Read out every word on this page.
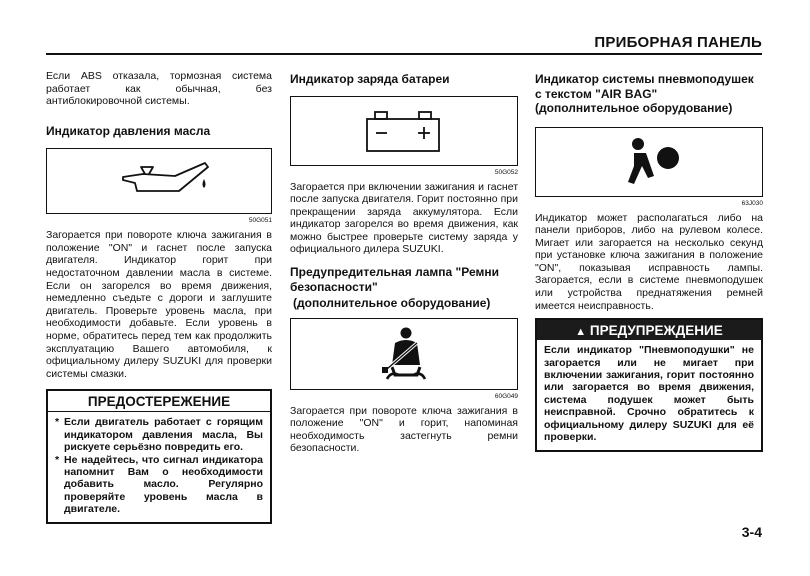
ПРИБОРНАЯ ПАНЕЛЬ

Если ABS отказала, тормозная система работает как обычная, без антиблокировочной системы.

Индикатор давления масла
50G051

Загорается при повороте ключа зажигания в положение "ON" и гаснет после запуска двигателя. Индикатор горит при недостаточном давлении масла в системе. Если он загорелся во время движения, немедленно съедьте с дороги и заглушите двигатель. Проверьте уровень масла, при необходимости добавьте. Если уровень в норме, обратитесь перед тем как продолжить эксплуатацию Вашего автомобиля, к официальному дилеру SUZUKI для проверки системы смазки.

ПРЕДОСТЕРЕЖЕНИЕ
* Если двигатель работает с горящим индикатором давления масла, Вы рискуете серьёзно повредить его.
* Не надейтесь, что сигнал индикатора напомнит Вам о необходимости добавить масло. Регулярно проверяйте уровень масла в двигателе.
Индикатор заряда батареи
50G052

Загорается при включении зажигания и гаснет после запуска двигателя. Горит постоянно при прекращении заряда аккумулятора. Если индикатор загорелся во время движения, как можно быстрее проверьте систему заряда у официального дилера SUZUKI.

Предупредительная лампа "Ремни безопасности"
(дополнительное оборудование)
60G049

Загорается при повороте ключа зажигания в положение "ON" и горит, напоминая необходимость застегнуть ремни безопасности.

Индикатор системы пневмоподушек с текстом "AIR BAG"
(дополнительное оборудование)
63J030

Индикатор может располагаться либо на панели приборов, либо на рулевом колесе. Мигает или загорается на несколько секунд при установке ключа зажигания в положение "ON", показывая исправность лампы. Загорается, если в системе пневмоподушек или устройства преднатяжения ремней имеется неисправность.

▲ ПРЕДУПРЕЖДЕНИЕ
Если индикатор "Пневмоподушки" не загорается или не мигает при включении зажигания, горит постоянно или загорается во время движения, система подушек может быть неисправной. Срочно обратитесь к официальному дилеру SUZUKI для её проверки.
3-4
